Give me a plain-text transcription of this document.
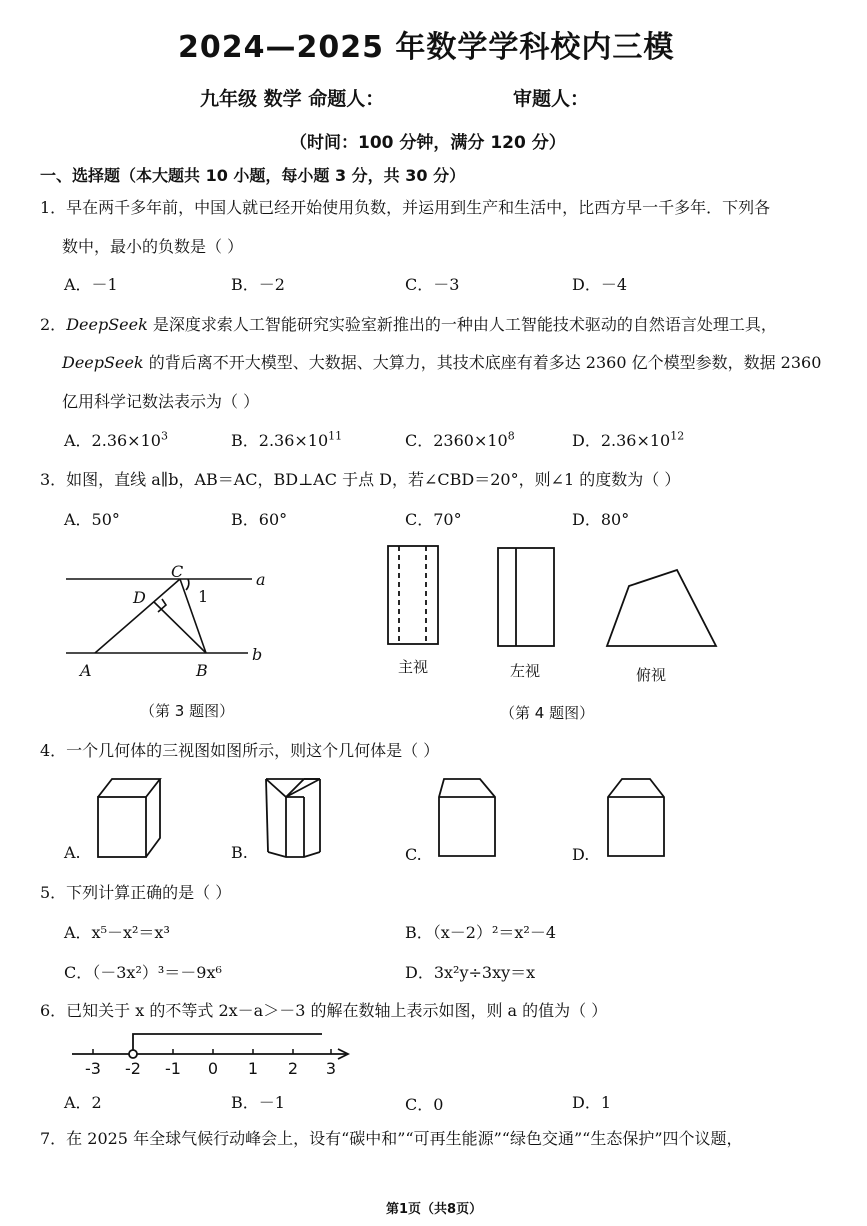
2024—2025 年数学学科校内三模
九年级 数学 命题人：	审题人：
（时间：100 分钟，满分 120 分）
一、选择题（本大题共 10 小题，每小题 3 分，共 30 分）
1．早在两千多年前，中国人就已经开始使用负数，并运用到生产和生活中，比西方早一千多年．下列各
数中，最小的负数是（ ）
A．－1	B．－2	C．－3	D．－4
2．DeepSeek 是深度求索人工智能研究实验室新推出的一种由人工智能技术驱动的自然语言处理工具，
DeepSeek 的背后离不开大模型、大数据、大算力，其技术底座有着多达 2360 亿个模型参数，数据 2360
亿用科学记数法表示为（ ）
A．$2.36\times 10^3$	B．$2.36\times 10^{11}$	C．$2360\times 10^8$	D．$2.36\times 10^{12}$
3．如图，直线 a∥b，AB＝AC，BD⊥AC 于点 D，若∠CBD＝20°，则∠1 的度数为（ ）
A．50°	B．60°	C．70°	D．80°
C	a
D	1
A	B
b
（第 3 题图）
主视	左视	俯视
（第 4 题图）
4．一个几何体的三视图如图所示，则这个几何体是（ ）
A.	B.	C.	D.
5．下列计算正确的是（ ）
A．x⁵－x²＝x³	B．（x－2）²＝x²－4
C．（－3x²）³＝－9x⁶	D．3x²y÷3xy＝x
6．已知关于 x 的不等式 2x－a＞－3 的解在数轴上表示如图，则 a 的值为（ ）
-3 -2 -1 0 1 2 3
A．2	B．－1	C．0	D．1
7．在 2025 年全球气候行动峰会上，设有“碳中和”“可再生能源”“绿色交通”“生态保护”四个议题，
第1页（共8页）
